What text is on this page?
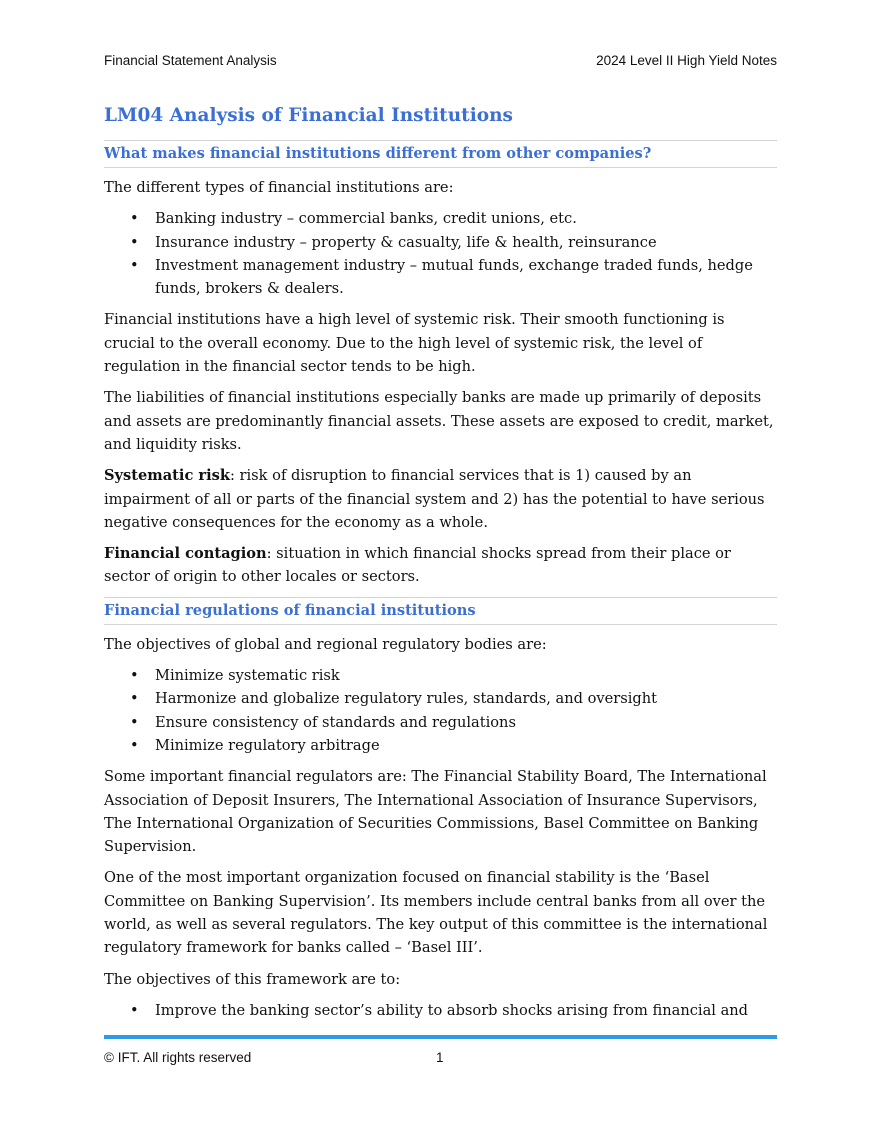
Financial Statement Analysis	2024 Level II High Yield Notes
LM04 Analysis of Financial Institutions
What makes financial institutions different from other companies?

The different types of financial institutions are:

• Banking industry – commercial banks, credit unions, etc.
• Insurance industry – property & casualty, life & health, reinsurance
• Investment management industry – mutual funds, exchange traded funds, hedge funds, brokers & dealers.

Financial institutions have a high level of systemic risk. Their smooth functioning is crucial to the overall economy. Due to the high level of systemic risk, the level of regulation in the financial sector tends to be high.

The liabilities of financial institutions especially banks are made up primarily of deposits and assets are predominantly financial assets. These assets are exposed to credit, market, and liquidity risks.

Systematic risk: risk of disruption to financial services that is 1) caused by an impairment of all or parts of the financial system and 2) has the potential to have serious negative consequences for the economy as a whole.

Financial contagion: situation in which financial shocks spread from their place or sector of origin to other locales or sectors.

Financial regulations of financial institutions

The objectives of global and regional regulatory bodies are:

• Minimize systematic risk
• Harmonize and globalize regulatory rules, standards, and oversight
• Ensure consistency of standards and regulations
• Minimize regulatory arbitrage

Some important financial regulators are: The Financial Stability Board, The International Association of Deposit Insurers, The International Association of Insurance Supervisors, The International Organization of Securities Commissions, Basel Committee on Banking Supervision.

One of the most important organization focused on financial stability is the ‘Basel Committee on Banking Supervision’. Its members include central banks from all over the world, as well as several regulators. The key output of this committee is the international regulatory framework for banks called – ‘Basel III’.

The objectives of this framework are to:

• Improve the banking sector’s ability to absorb shocks arising from financial and
© IFT. All rights reserved	1
